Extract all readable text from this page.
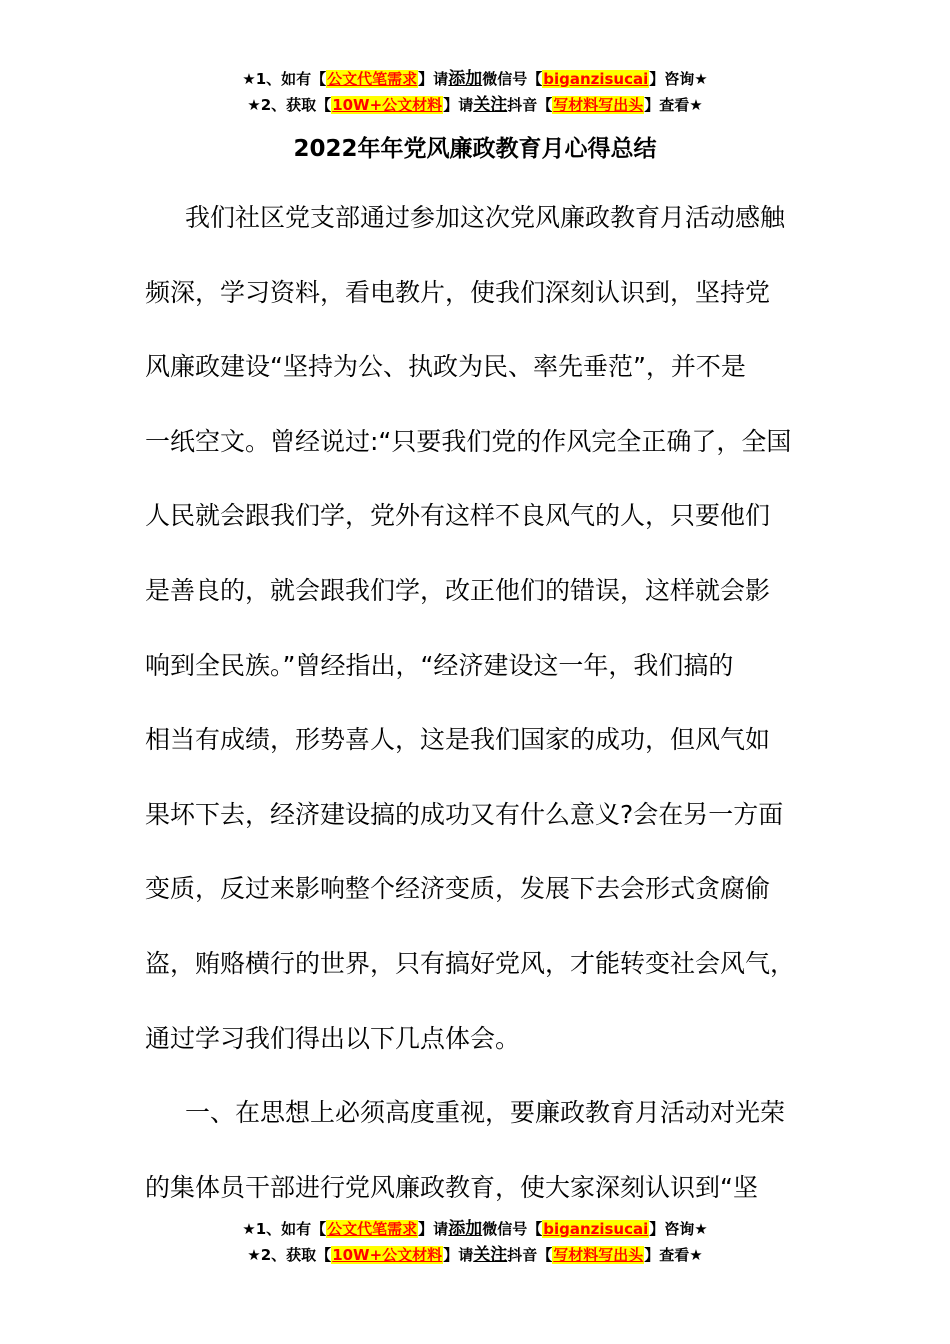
★1、如有【公文代笔需求】请添加微信号【biganzisucai】咨询★
★2、获取【10W+公文材料】请关注抖音【写材料写出头】查看★
2022年年党风廉政教育月心得总结
我们社区党支部通过参加这次党风廉政教育月活动感触
频深，学习资料，看电教片，使我们深刻认识到，坚持党
风廉政建设“坚持为公、执政为民、率先垂范”，并不是
一纸空文。曾经说过:“只要我们党的作风完全正确了，全国
人民就会跟我们学，党外有这样不良风气的人，只要他们
是善良的，就会跟我们学，改正他们的错误，这样就会影
响到全民族。”曾经指出，“经济建设这一年，我们搞的
相当有成绩，形势喜人，这是我们国家的成功，但风气如
果坏下去，经济建设搞的成功又有什么意义?会在另一方面
变质，反过来影响整个经济变质，发展下去会形式贪腐偷
盗，贿赂横行的世界，只有搞好党风，才能转变社会风气，
通过学习我们得出以下几点体会。
一、在思想上必须高度重视，要廉政教育月活动对光荣
的集体员干部进行党风廉政教育，使大家深刻认识到“坚
★1、如有【公文代笔需求】请添加微信号【biganzisucai】咨询★
★2、获取【10W+公文材料】请关注抖音【写材料写出头】查看★
